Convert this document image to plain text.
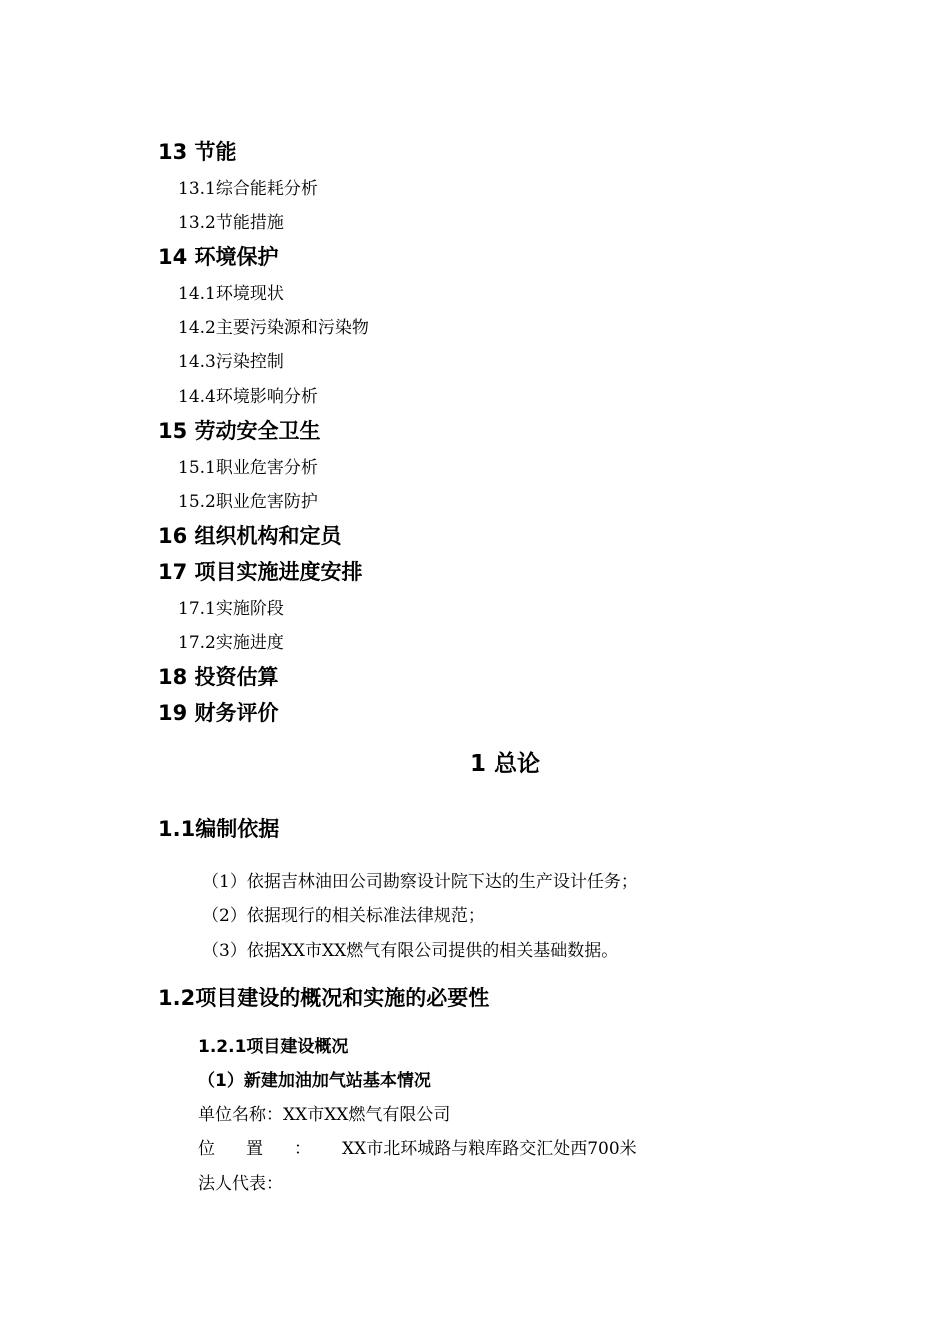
13 节能
13.1综合能耗分析
13.2节能措施
14 环境保护
14.1环境现状
14.2主要污染源和污染物
14.3污染控制
14.4环境影响分析
15 劳动安全卫生
15.1职业危害分析
15.2职业危害防护
16 组织机构和定员
17 项目实施进度安排
17.1实施阶段
17.2实施进度
18 投资估算
19 财务评价
1 总论
1.1编制依据
（1）依据吉林油田公司勘察设计院下达的生产设计任务；
（2）依据现行的相关标准法律规范；
（3）依据XX市XX燃气有限公司提供的相关基础数据。
1.2项目建设的概况和实施的必要性
1.2.1项目建设概况
（1）新建加油加气站基本情况
单位名称：XX市XX燃气有限公司
位置：XX市北环城路与粮库路交汇处西700米
法人代表：
